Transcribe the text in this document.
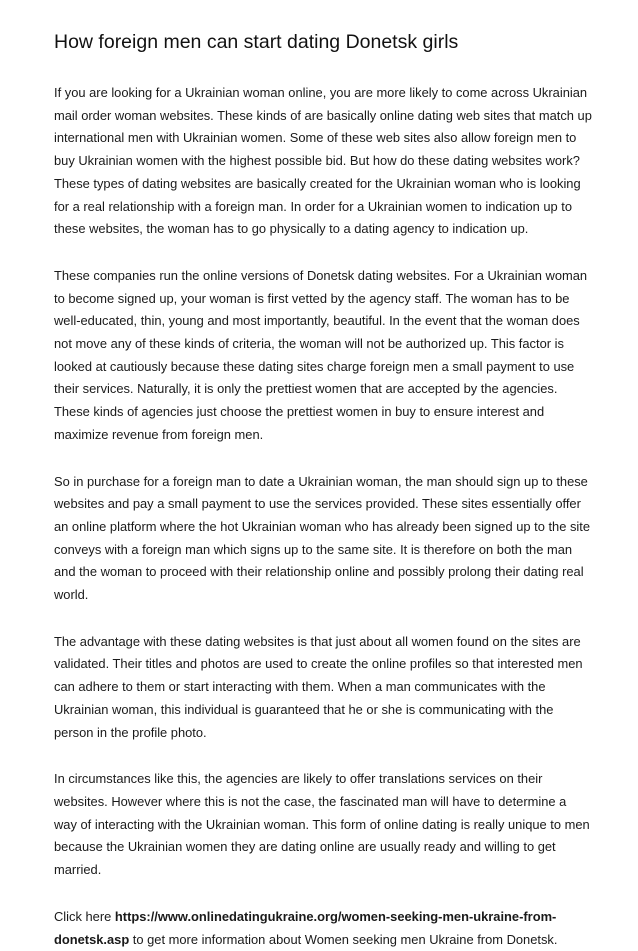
How foreign men can start dating Donetsk girls

If you are looking for a Ukrainian woman online, you are more likely to come across Ukrainian mail order woman websites. These kinds of are basically online dating web sites that match up international men with Ukrainian women. Some of these web sites also allow foreign men to buy Ukrainian women with the highest possible bid. But how do these dating websites work? These types of dating websites are basically created for the Ukrainian woman who is looking for a real relationship with a foreign man. In order for a Ukrainian women to indication up to these websites, the woman has to go physically to a dating agency to indication up.

These companies run the online versions of Donetsk dating websites. For a Ukrainian woman to become signed up, your woman is first vetted by the agency staff. The woman has to be well-educated, thin, young and most importantly, beautiful. In the event that the woman does not move any of these kinds of criteria, the woman will not be authorized up. This factor is looked at cautiously because these dating sites charge foreign men a small payment to use their services. Naturally, it is only the prettiest women that are accepted by the agencies. These kinds of agencies just choose the prettiest women in buy to ensure interest and maximize revenue from foreign men.

So in purchase for a foreign man to date a Ukrainian woman, the man should sign up to these websites and pay a small payment to use the services provided. These sites essentially offer an online platform where the hot Ukrainian woman who has already been signed up to the site conveys with a foreign man which signs up to the same site. It is therefore on both the man and the woman to proceed with their relationship online and possibly prolong their dating real world.

The advantage with these dating websites is that just about all women found on the sites are validated. Their titles and photos are used to create the online profiles so that interested men can adhere to them or start interacting with them. When a man communicates with the Ukrainian woman, this individual is guaranteed that he or she is communicating with the person in the profile photo.

In circumstances like this, the agencies are likely to offer translations services on their websites. However where this is not the case, the fascinated man will have to determine a way of interacting with the Ukrainian woman. This form of online dating is really unique to men because the Ukrainian women they are dating online are usually ready and willing to get married.

Click here https://www.onlinedatingukraine.org/women-seeking-men-ukraine-from-donetsk.asp to get more information about Women seeking men Ukraine from Donetsk.
